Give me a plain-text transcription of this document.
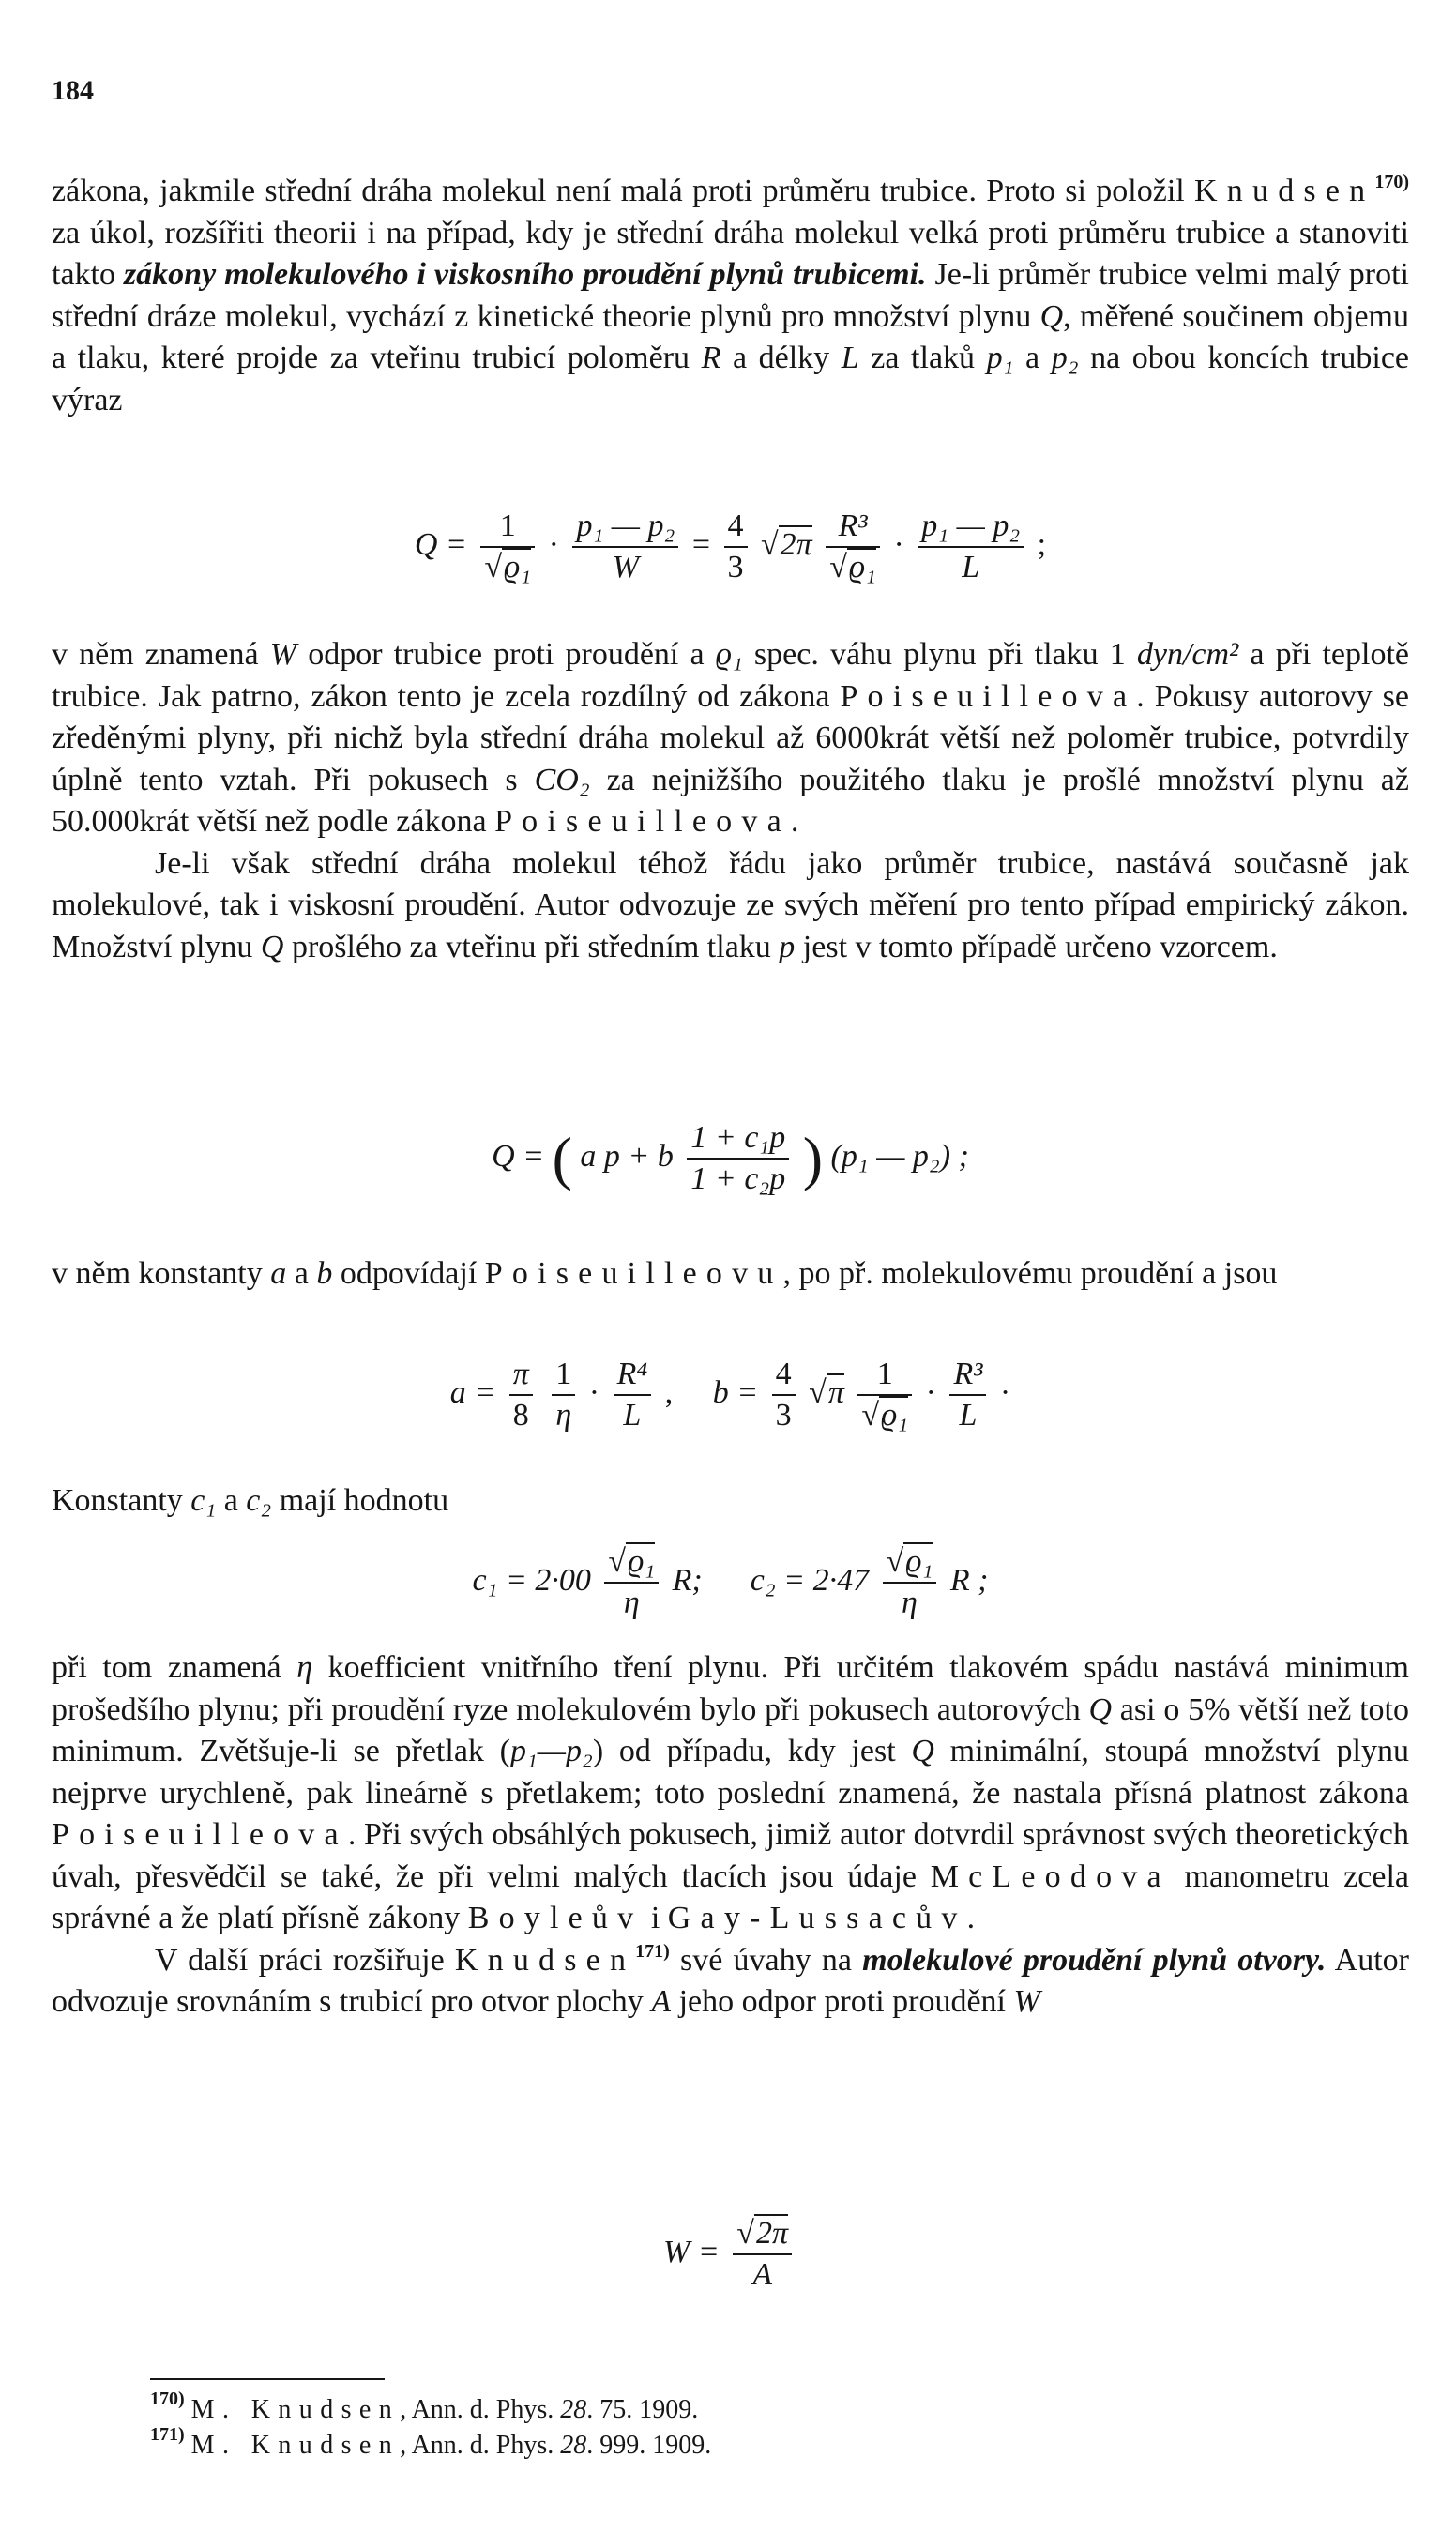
184

zákona, jakmile střední dráha molekul není malá proti průměru trubice. Proto si položil Knudsen$^{170)}$ za úkol, rozšířiti theorii i na případ, kdy je střední dráha molekul velká proti průměru trubice a stanoviti takto zákony molekulového i viskosního proudění plynů trubicemi. Je-li průměr trubice velmi malý proti střední dráze molekul, vychází z kinetické theorie plynů pro množství plynu Q, měřené součinem objemu a tlaku, které projde za vteřinu trubicí poloměru R a délky L za tlaků p₁ a p₂ na obou koncích trubice výraz

$Q = \frac{1}{\text{√ϱ₁}} \cdot \frac{\text{p₁ — p₂}}{W} = \frac{4}{3} √2\pi \frac{\text{R³}}{\text{√ϱ₁}} \cdot \frac{\text{p₁ — p₂}}{L}$ ;

v něm znamená W odpor trubice proti proudění a ϱ₁ spec. váhu plynu při tlaku 1 dyn/cm² a při teplotě trubice. Jak patrno, zákon tento je zcela rozdílný od zákona Poiseuilleova. Pokusy autorovy se zředěnými plyny, při nichž byla střední dráha molekul až 6000krát větší než poloměr trubice, potvrdily úplně tento vztah. Při pokusech s CO₂ za nejnižšího použitého tlaku je prošlé množství plynu až 50.000krát větší než podle zákona Poiseuilleova.

Je-li však střední dráha molekul téhož řádu jako průměr trubice, nastává současně jak molekulové, tak i viskosní proudění. Autor odvozuje ze svých měření pro tento případ empirický zákon. Množství plynu Q prošlého za vteřinu při středním tlaku p jest v tomto případě určeno vzorcem.

Q = ( a p + b $\frac{\text{1 + c₁p}}{\text{1 + c₂p}}$ ) (p₁ — p₂) ;

v něm konstanty a a b odpovídají Poiseuilleovu, po př. molekulovému proudění a jsou

$a = \frac{\pi}{8}$
$\frac{1}{\eta} \cdot \frac{\text{R⁴}}{L}$ , $b = \frac{4}{3} √\pi \frac{1}{\text{√ϱ₁}} \cdot \frac{\text{R³}}{L}$ ·

Konstanty c₁ a c₂ mají hodnotu

$c_1 = 2\cdot 00 \frac{\text{√ϱ₁}}{\eta} R$; $c_2 = 2\cdot 47 \frac{\text{√ϱ₁}}{\eta}$ R ;

při tom znamená η koefficient vnitřního tření plynu. Při určitém tlakovém spádu nastává minimum prošedšího plynu; při proudění ryze molekulovém bylo při pokusech autorových Q asi o 5% větší než toto minimum. Zvětšuje-li se přetlak (p₁—p₂) od případu, kdy jest Q minimální, stoupá množství plynu nejprve urychleně, pak lineárně s přetlakem; toto poslední znamená, že nastala přísná platnost zákona Poiseuilleova. Při svých obsáhlých pokusech, jimiž autor dotvrdil správnost svých theoretických úvah, přesvědčil se také, že při velmi malých tlacích jsou údaje McLeodova manometru zcela správné a že platí přísně zákony Boyleův i Gay-Lussacův.

V další práci rozšiřuje Knudsen$^{171)}$ své úvahy na molekulové proudění plynů otvory. Autor odvozuje srovnáním s trubicí pro otvor plochy A jeho odpor proti proudění W

$W = \frac{√2\pi}{A}$
$^{170)}$ M. Knudsen, Ann. d. Phys. 28. 75. 1909.
$^{171)}$ M. Knudsen, Ann. d. Phys. 28. 999. 1909.
